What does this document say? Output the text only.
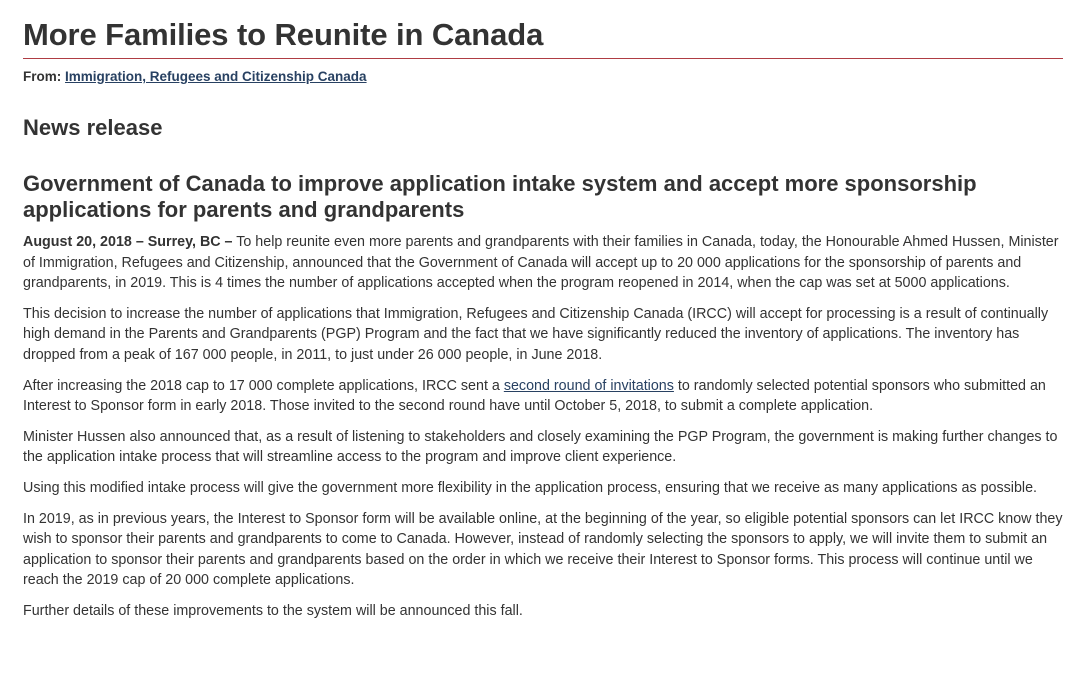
More Families to Reunite in Canada
From: Immigration, Refugees and Citizenship Canada
News release
Government of Canada to improve application intake system and accept more sponsorship applications for parents and grandparents

August 20, 2018 – Surrey, BC – To help reunite even more parents and grandparents with their families in Canada, today, the Honourable Ahmed Hussen, Minister of Immigration, Refugees and Citizenship, announced that the Government of Canada will accept up to 20 000 applications for the sponsorship of parents and grandparents, in 2019. This is 4 times the number of applications accepted when the program reopened in 2014, when the cap was set at 5000 applications.

This decision to increase the number of applications that Immigration, Refugees and Citizenship Canada (IRCC) will accept for processing is a result of continually high demand in the Parents and Grandparents (PGP) Program and the fact that we have significantly reduced the inventory of applications. The inventory has dropped from a peak of 167 000 people, in 2011, to just under 26 000 people, in June 2018.

After increasing the 2018 cap to 17 000 complete applications, IRCC sent a second round of invitations to randomly selected potential sponsors who submitted an Interest to Sponsor form in early 2018. Those invited to the second round have until October 5, 2018, to submit a complete application.

Minister Hussen also announced that, as a result of listening to stakeholders and closely examining the PGP Program, the government is making further changes to the application intake process that will streamline access to the program and improve client experience.

Using this modified intake process will give the government more flexibility in the application process, ensuring that we receive as many applications as possible.

In 2019, as in previous years, the Interest to Sponsor form will be available online, at the beginning of the year, so eligible potential sponsors can let IRCC know they wish to sponsor their parents and grandparents to come to Canada. However, instead of randomly selecting the sponsors to apply, we will invite them to submit an application to sponsor their parents and grandparents based on the order in which we receive their Interest to Sponsor forms. This process will continue until we reach the 2019 cap of 20 000 complete applications.

Further details of these improvements to the system will be announced this fall.
